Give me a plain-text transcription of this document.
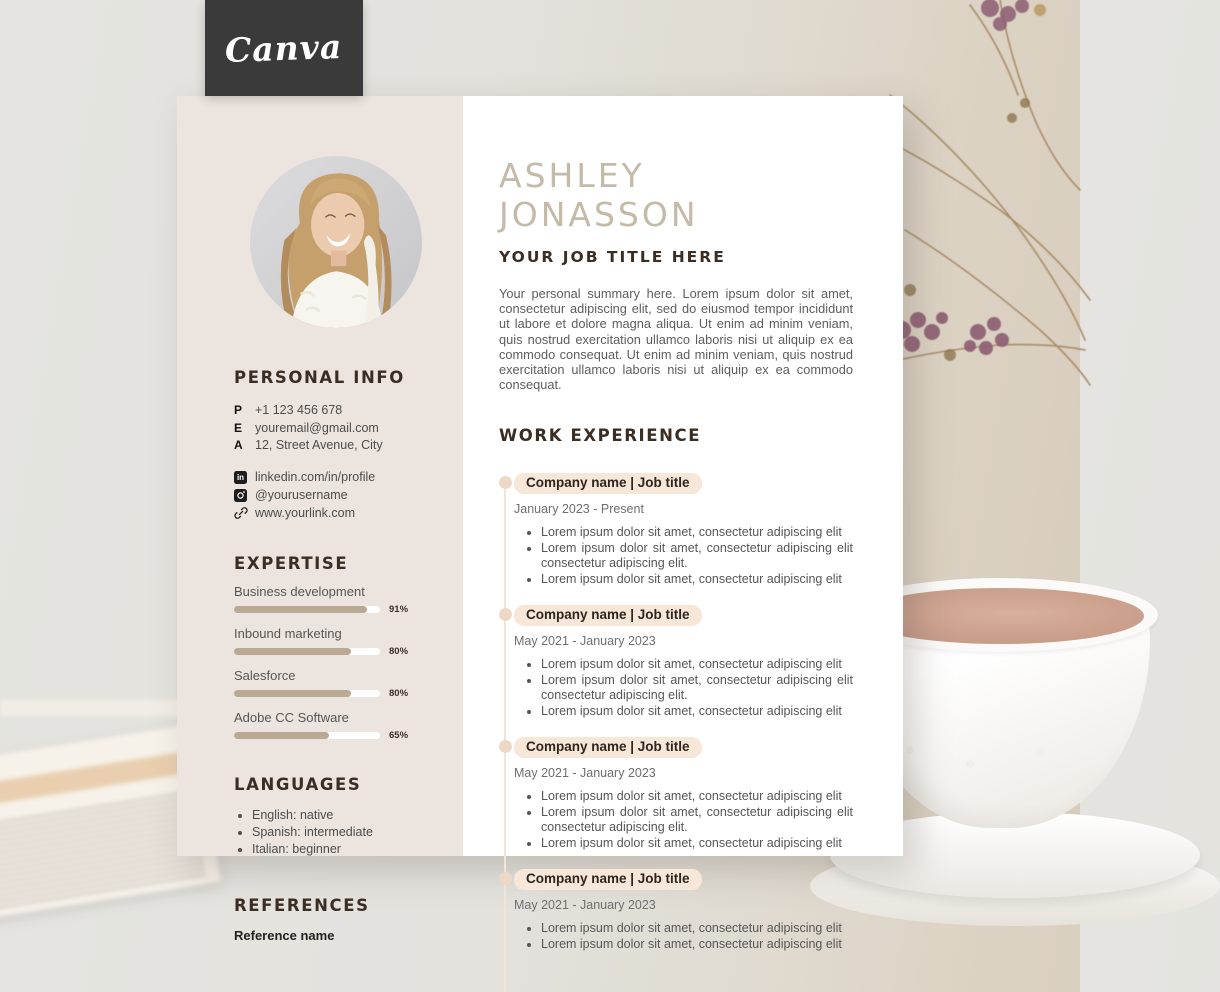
Canva
PERSONAL INFO
P	+1 123 456 678
E	youremail@gmail.com
A 12, Street Avenue, City
in linkedin.com/in/profile
@yourusername
www.yourlink.com
EXPERTISE
Business development
91%
Inbound marketing
80%
Salesforce
80%
Adobe CC Software
65%
LANGUAGES
• English: native
• Spanish: intermediate
• Italian: beginner
REFERENCES
Reference name
ASHLEY JONASSON
YOUR JOB TITLE HERE

Your personal summary here. Lorem ipsum dolor sit amet, consectetur adipiscing elit, sed do eiusmod tempor incididunt ut labore et dolore magna aliqua. Ut enim ad minim veniam, quis nostrud exercitation ullamco laboris nisi ut aliquip ex ea commodo consequat. Ut enim ad minim veniam, quis nostrud exercitation ullamco laboris nisi ut aliquip ex ea commodo consequat.

WORK EXPERIENCE
Company name | Job title
January 2023 - Present
• Lorem ipsum dolor sit amet, consectetur adipiscing elit
• Lorem ipsum dolor sit amet, consectetur adipiscing elit consectetur adipiscing elit.
• Lorem ipsum dolor sit amet, consectetur adipiscing elit
Company name | Job title
May 2021 - January 2023
• Lorem ipsum dolor sit amet, consectetur adipiscing elit
• Lorem ipsum dolor sit amet, consectetur adipiscing elit consectetur adipiscing elit.
• Lorem ipsum dolor sit amet, consectetur adipiscing elit
Company name | Job title
May 2021 - January 2023
• Lorem ipsum dolor sit amet, consectetur adipiscing elit
• Lorem ipsum dolor sit amet, consectetur adipiscing elit consectetur adipiscing elit.
• Lorem ipsum dolor sit amet, consectetur adipiscing elit
Company name | Job title
May 2021 - January 2023
• Lorem ipsum dolor sit amet, consectetur adipiscing elit
• Lorem ipsum dolor sit amet, consectetur adipiscing elit
